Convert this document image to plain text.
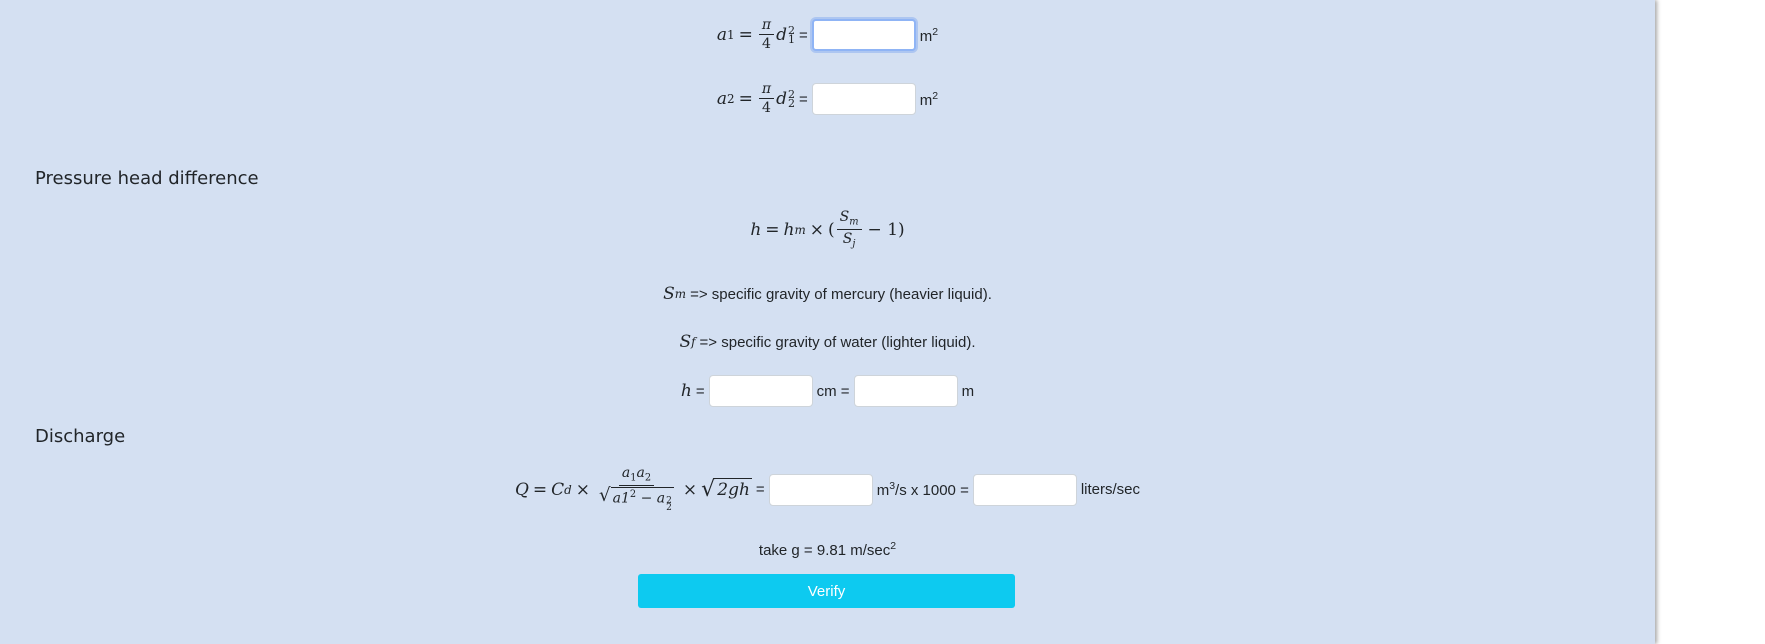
a $1 = \frac{\pi}{4}$ d 2
1 =	$m^2$
a $2 = \frac{\pi}{4}$ d 2
2 =	$m^2$
Pressure head difference
h = h m × ( $\frac{S_m}{S_j} - 1$)
S m => specific gravity of mercury (heavier liquid).
S f => specific gravity of water (lighter liquid).
h =	cm =	m
Discharge
Q = C $d \times a_1a_2$
√ $a1^2 - a$ 2
2 × √ 2gh =	$m^3/s$ x 1000 =	liters/sec
take g = 9.81 $m/\sec^2$
Verify
